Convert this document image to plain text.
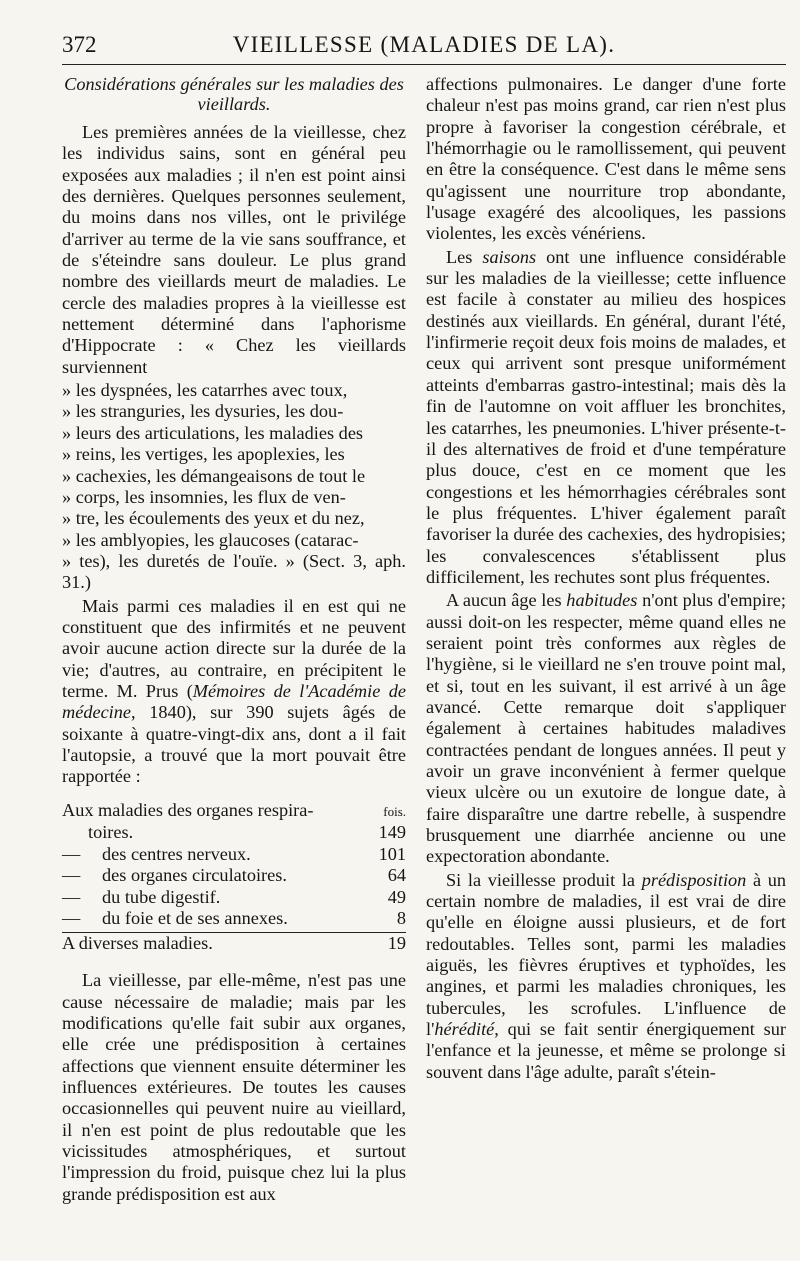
372	VIEILLESSE (MALADIES DE LA).
Considérations générales sur les maladies des vieillards.

Les premières années de la vieillesse, chez les individus sains, sont en général peu exposées aux maladies ; il n'en est point ainsi des dernières. Quelques personnes seulement, du moins dans nos villes, ont le privilége d'arriver au terme de la vie sans souffrance, et de s'éteindre sans douleur. Le plus grand nombre des vieillards meurt de maladies. Le cercle des maladies propres à la vieillesse est nettement déterminé dans l'aphorisme d'Hippocrate : « Chez les vieillards surviennent

» les dyspnées, les catarrhes avec toux,
» les stranguries, les dysuries, les dou-
» leurs des articulations, les maladies des
» reins, les vertiges, les apoplexies, les
» cachexies, les démangeaisons de tout le
» corps, les insomnies, les flux de ven-
» tre, les écoulements des yeux et du nez,
» les amblyopies, les glaucoses (catarac-
» tes), les duretés de l'ouïe. » (Sect. 3, aph. 31.)

Mais parmi ces maladies il en est qui ne constituent que des infirmités et ne peuvent avoir aucune action directe sur la durée de la vie; d'autres, au contraire, en précipitent le terme. M. Prus (Mémoires de l'Académie de médecine, 1840), sur 390 sujets âgés de soixante à quatre-vingt-dix ans, dont a il fait l'autopsie, a trouvé que la mort pouvait être rapportée :

Aux maladies des organes respira-	fois.
toires.	149
— des centres nerveux.	101
— des organes circulatoires.	64
— du tube digestif.	49
— du foie et de ses annexes.	8
A diverses maladies.	19

La vieillesse, par elle-même, n'est pas une cause nécessaire de maladie; mais par les modifications qu'elle fait subir aux organes, elle crée une prédisposition à certaines affections que viennent ensuite déterminer les influences extérieures. De toutes les causes occasionnelles qui peuvent nuire au vieillard, il n'en est point de plus redoutable que les vicissitudes atmosphériques, et surtout l'impression du froid, puisque chez lui la plus grande prédisposition est aux

affections pulmonaires. Le danger d'une forte chaleur n'est pas moins grand, car rien n'est plus propre à favoriser la congestion cérébrale, et l'hémorrhagie ou le ramollissement, qui peuvent en être la conséquence. C'est dans le même sens qu'agissent une nourriture trop abondante, l'usage exagéré des alcooliques, les passions violentes, les excès vénériens.

Les saisons ont une influence considérable sur les maladies de la vieillesse; cette influence est facile à constater au milieu des hospices destinés aux vieillards. En général, durant l'été, l'infirmerie reçoit deux fois moins de malades, et ceux qui arrivent sont presque uniformément atteints d'embarras gastro-intestinal; mais dès la fin de l'automne on voit affluer les bronchites, les catarrhes, les pneumonies. L'hiver présente-t-il des alternatives de froid et d'une température plus douce, c'est en ce moment que les congestions et les hémorrhagies cérébrales sont le plus fréquentes. L'hiver également paraît favoriser la durée des cachexies, des hydropisies; les convalescences s'établissent plus difficilement, les rechutes sont plus fréquentes.

A aucun âge les habitudes n'ont plus d'empire; aussi doit-on les respecter, même quand elles ne seraient point très conformes aux règles de l'hygiène, si le vieillard ne s'en trouve point mal, et si, tout en les suivant, il est arrivé à un âge avancé. Cette remarque doit s'appliquer également à certaines habitudes maladives contractées pendant de longues années. Il peut y avoir un grave inconvénient à fermer quelque vieux ulcère ou un exutoire de longue date, à faire disparaître une dartre rebelle, à suspendre brusquement une diarrhée ancienne ou une expectoration abondante.

Si la vieillesse produit la prédisposition à un certain nombre de maladies, il est vrai de dire qu'elle en éloigne aussi plusieurs, et de fort redoutables. Telles sont, parmi les maladies aiguës, les fièvres éruptives et typhoïdes, les angines, et parmi les maladies chroniques, les tubercules, les scrofules. L'influence de l'hérédité, qui se fait sentir énergiquement sur l'enfance et la jeunesse, et même se prolonge si souvent dans l'âge adulte, paraît s'étein-
